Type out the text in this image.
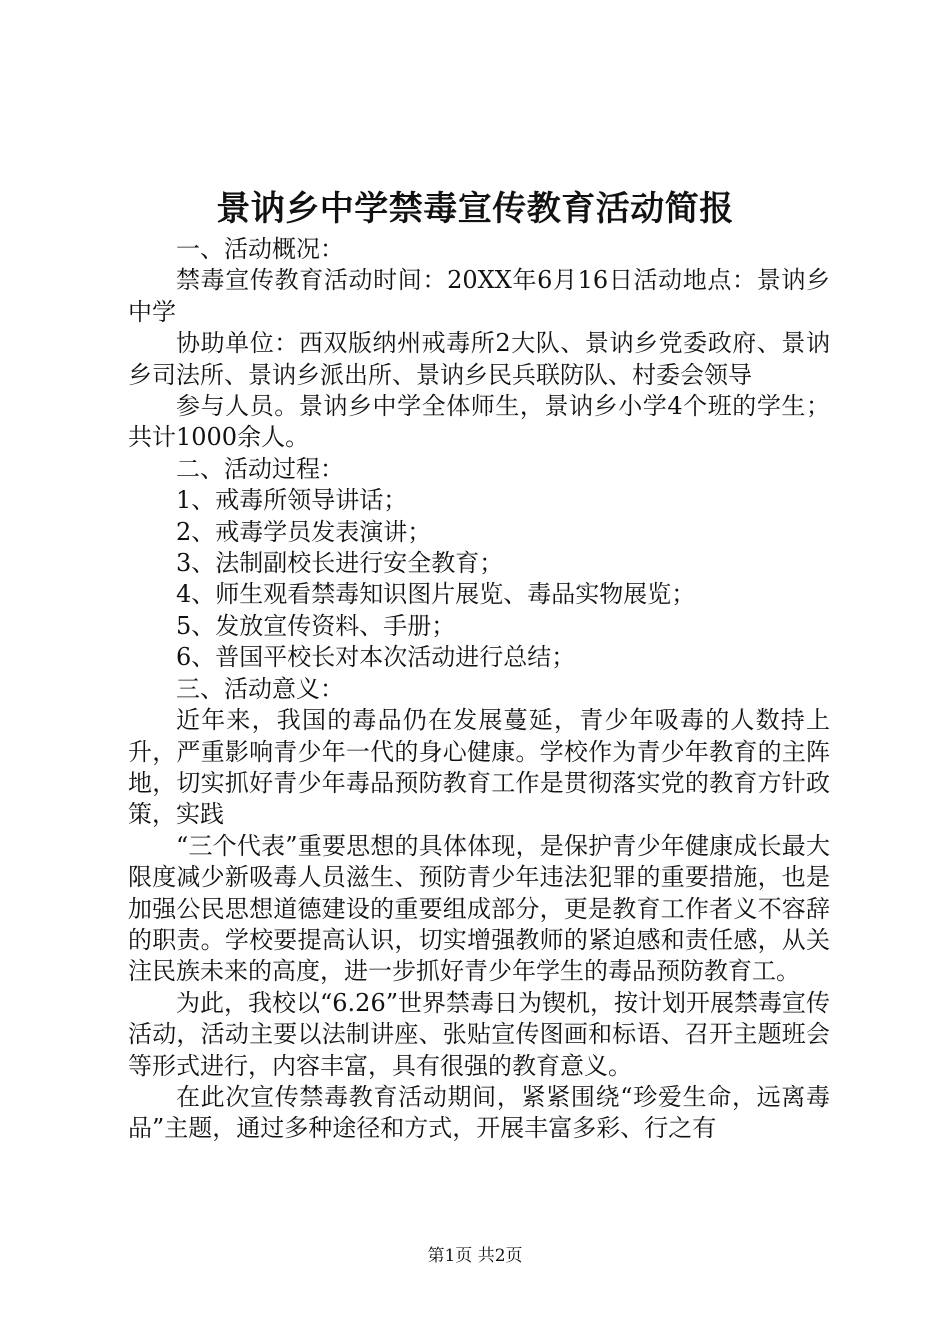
景讷乡中学禁毒宣传教育活动简报

一、活动概况：

禁毒宣传教育活动时间：20XX年6月16日活动地点：景讷乡中学

协助单位：西双版纳州戒毒所2大队、景讷乡党委政府、景讷乡司法所、景讷乡派出所、景讷乡民兵联防队、村委会领导

参与人员。景讷乡中学全体师生，景讷乡小学4个班的学生；共计1000余人。

二、活动过程：

1、戒毒所领导讲话；

2、戒毒学员发表演讲；

3、法制副校长进行安全教育；

4、师生观看禁毒知识图片展览、毒品实物展览；

5、发放宣传资料、手册；

6、普国平校长对本次活动进行总结；

三、活动意义：

近年来，我国的毒品仍在发展蔓延，青少年吸毒的人数持上升，严重影响青少年一代的身心健康。学校作为青少年教育的主阵地，切实抓好青少年毒品预防教育工作是贯彻落实党的教育方针政策，实践

“三个代表”重要思想的具体体现，是保护青少年健康成长最大限度减少新吸毒人员滋生、预防青少年违法犯罪的重要措施，也是加强公民思想道德建设的重要组成部分，更是教育工作者义不容辞的职责。学校要提高认识，切实增强教师的紧迫感和责任感，从关注民族未来的高度，进一步抓好青少年学生的毒品预防教育工。

为此，我校以“6.26”世界禁毒日为锲机，按计划开展禁毒宣传活动，活动主要以法制讲座、张贴宣传图画和标语、召开主题班会等形式进行，内容丰富，具有很强的教育意义。

在此次宣传禁毒教育活动期间，紧紧围绕“珍爱生命，远离毒品”主题，通过多种途径和方式，开展丰富多彩、行之有

第1页 共2页
